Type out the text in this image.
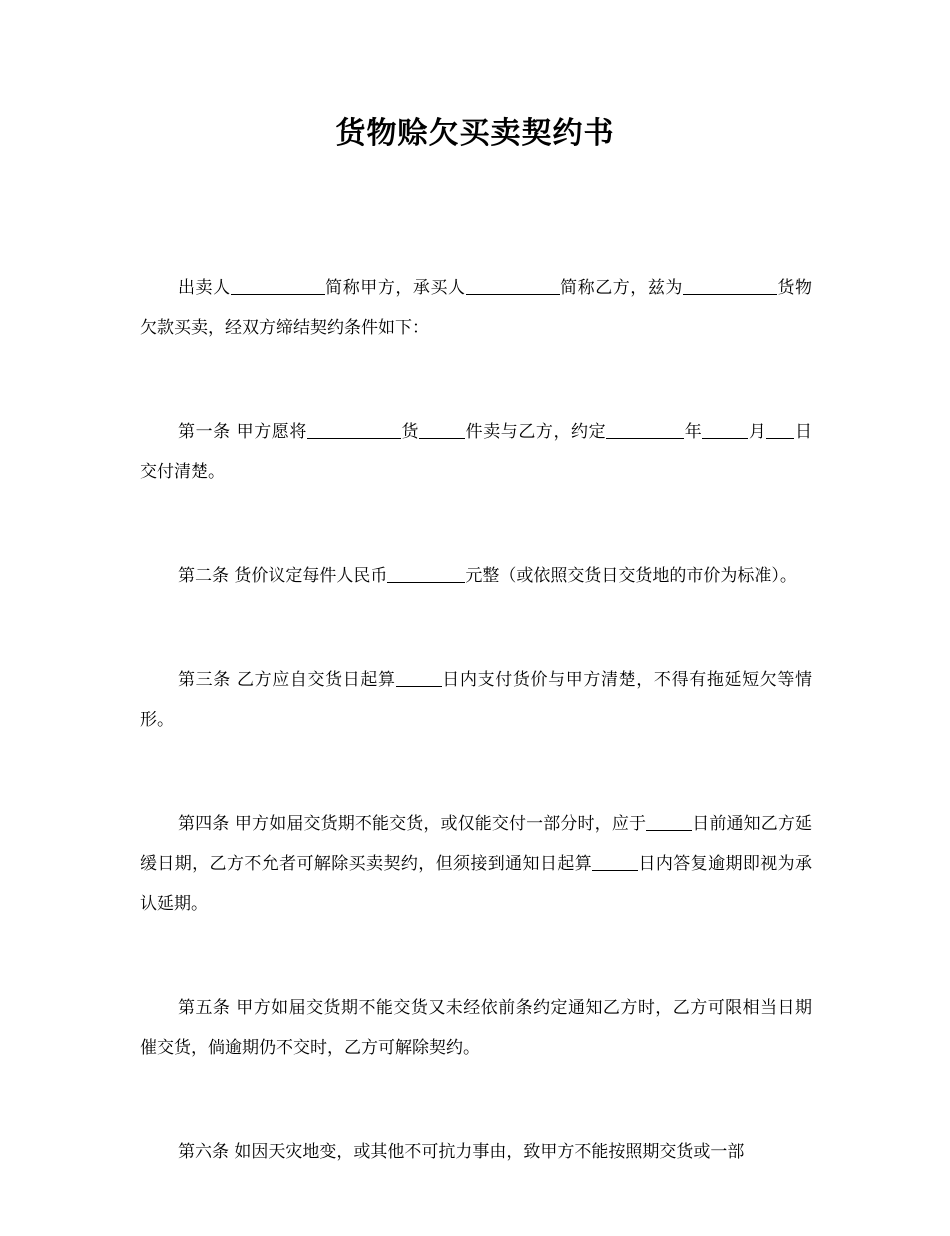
货物赊欠买卖契约书

出卖人	简称甲方，承买人	简称乙方，兹为	货物欠款买卖，经双方缔结契约条件如下：

第一条 甲方愿将	货	件卖与乙方，约定	年	月 日交付清楚。

第二条 货价议定每件人民币	元整（或依照交货日交货地的市价为标准）。

第三条 乙方应自交货日起算	日内支付货价与甲方清楚，不得有拖延短欠等情形。

第四条 甲方如届交货期不能交货，或仅能交付一部分时，应于	日前通知乙方延缓日期，乙方不允者可解除买卖契约，但须接到通知日起算	日内答复逾期即视为承认延期。

第五条 甲方如届交货期不能交货又未经依前条约定通知乙方时，乙方可限相当日期催交货，倘逾期仍不交时，乙方可解除契约。

第六条 如因天灾地变，或其他不可抗力事由，致甲方不能按照期交货或一部
